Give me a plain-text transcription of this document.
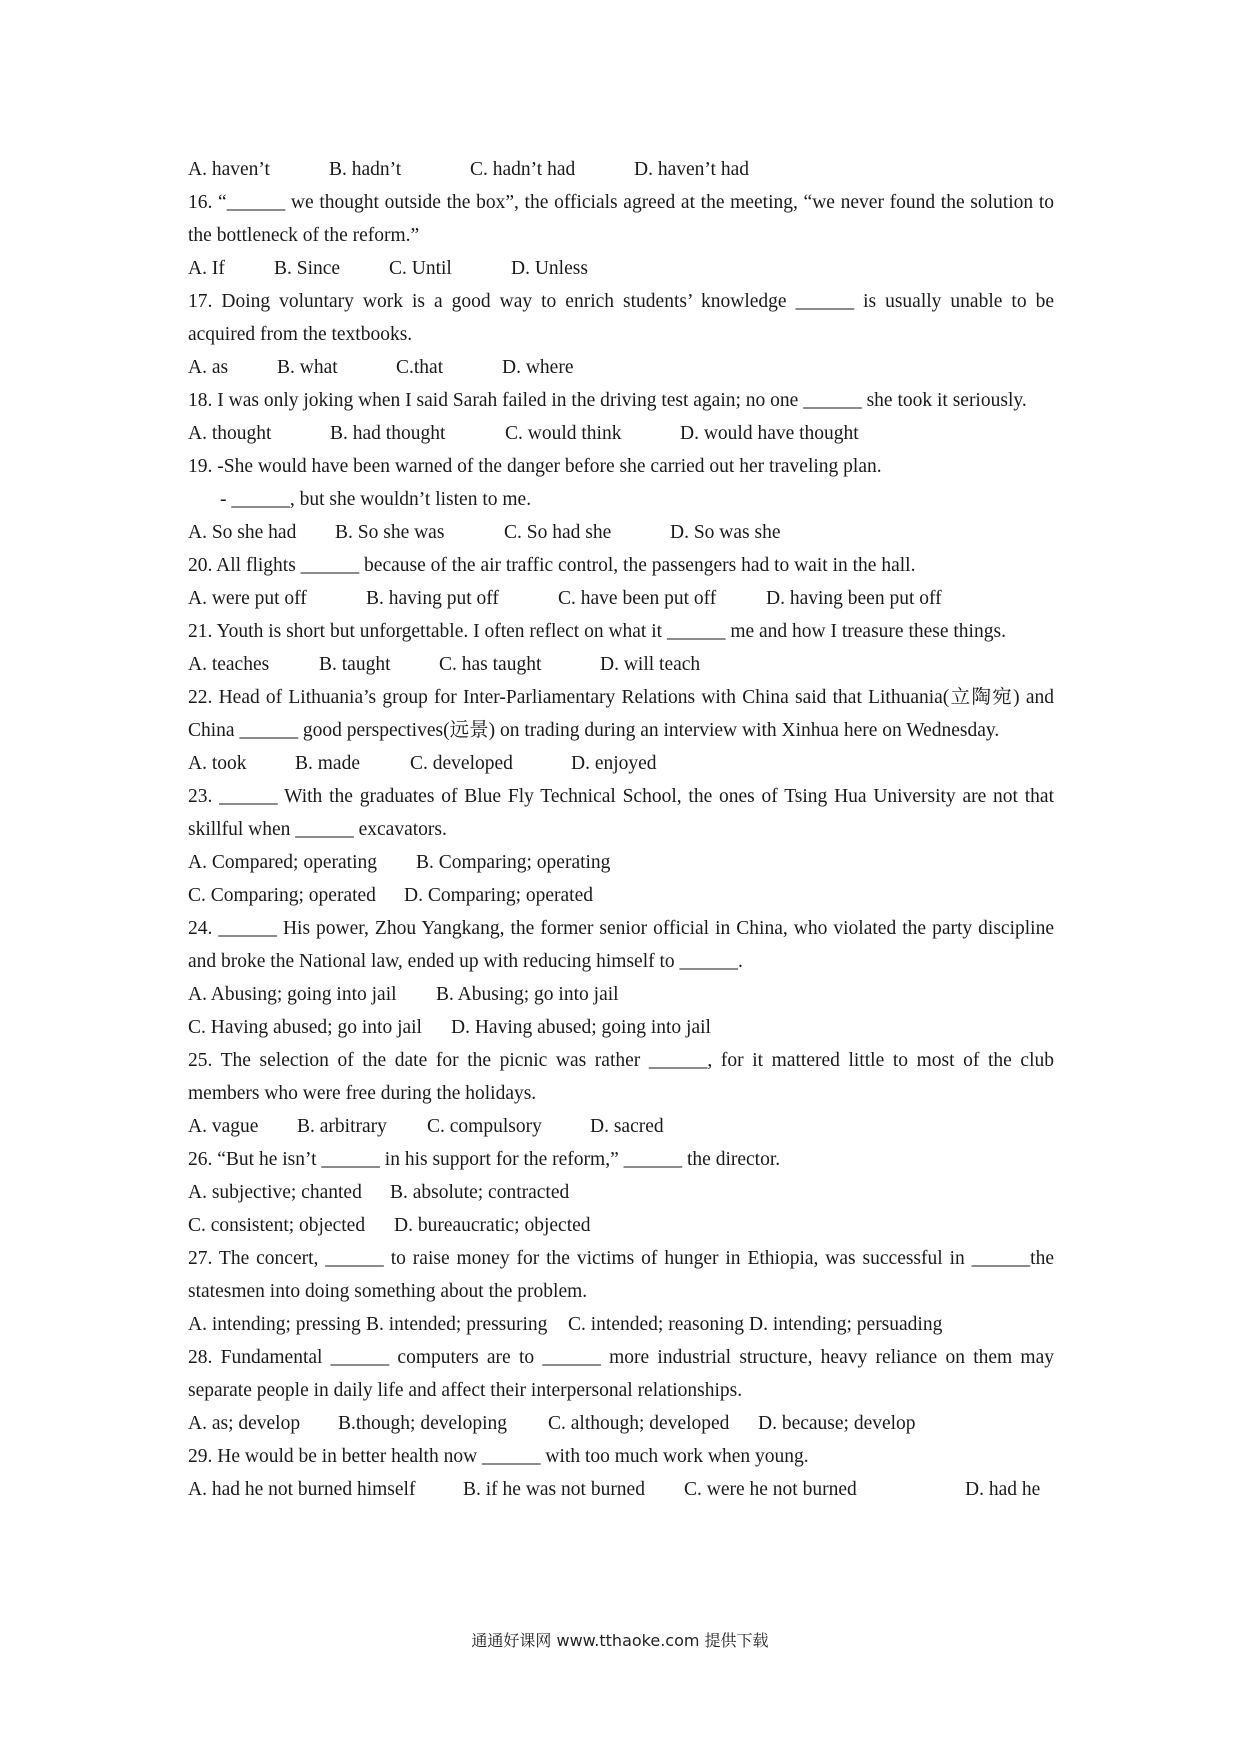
A. haven’t	B. hadn’t	C. hadn’t had	D. haven’t had

16. “______ we thought outside the box”, the officials agreed at the meeting, “we never found the solution to the bottleneck of the reform.”

A. If	B. Since	C. Until	D. Unless

17. Doing voluntary work is a good way to enrich students’ knowledge ______ is usually unable to be acquired from the textbooks.

A. as	B. what	C.that	D. where

18. I was only joking when I said Sarah failed in the driving test again; no one ______ she took it seriously.

A. thought	B. had thought	C. would think	D. would have thought
19. -She would have been warned of the danger before she carried out her traveling plan.
- ______, but she wouldn’t listen to me.
A. So she had B. So she was	C. So had she	D. So was she
20. All flights ______ because of the air traffic control, the passengers had to wait in the hall.
A. were put off	B. having put off	C. have been put off	D. having been put off

21. Youth is short but unforgettable. I often reflect on what it ______ me and how I treasure these things.

A. teaches	B. taught C. has taught	D. will teach

22. Head of Lithuania’s group for Inter-Parliamentary Relations with China said that Lithuania(立陶宛) and China ______ good perspectives(远景) on trading during an interview with Xinhua here on Wednesday.

A. took B. made	C. developed	D. enjoyed

23. ______ With the graduates of Blue Fly Technical School, the ones of Tsing Hua University are not that skillful when ______ excavators.

A. Compared; operating B. Comparing; operating
C. Comparing; operated D. Comparing; operated

24. ______ His power, Zhou Yangkang, the former senior official in China, who violated the party discipline and broke the National law, ended up with reducing himself to ______.

A. Abusing; going into jail B. Abusing; go into jail
C. Having abused; go into jail D. Having abused; going into jail

25. The selection of the date for the picnic was rather ______, for it mattered little to most of the club members who were free during the holidays.

A. vague B. arbitrary C. compulsory D. sacred
26. “But he isn’t ______ in his support for the reform,” ______ the director.
A. subjective; chanted B. absolute; contracted
C. consistent; objected D. bureaucratic; objected

27. The concert, ______ to raise money for the victims of hunger in Ethiopia, was successful in ______the statesmen into doing something about the problem.

A. intending; pressing B. intended; pressuring C. intended; reasoning D. intending; persuading

28. Fundamental ______ computers are to ______ more industrial structure, heavy reliance on them may separate people in daily life and affect their interpersonal relationships.

A. as; develop B.though; developing C. although; developed D. because; develop
29. He would be in better health now ______ with too much work when young.
A. had he not burned himself B. if he was not burned C. were he not burned	D. had he
通通好课网 www.tthaoke.com 提供下载
